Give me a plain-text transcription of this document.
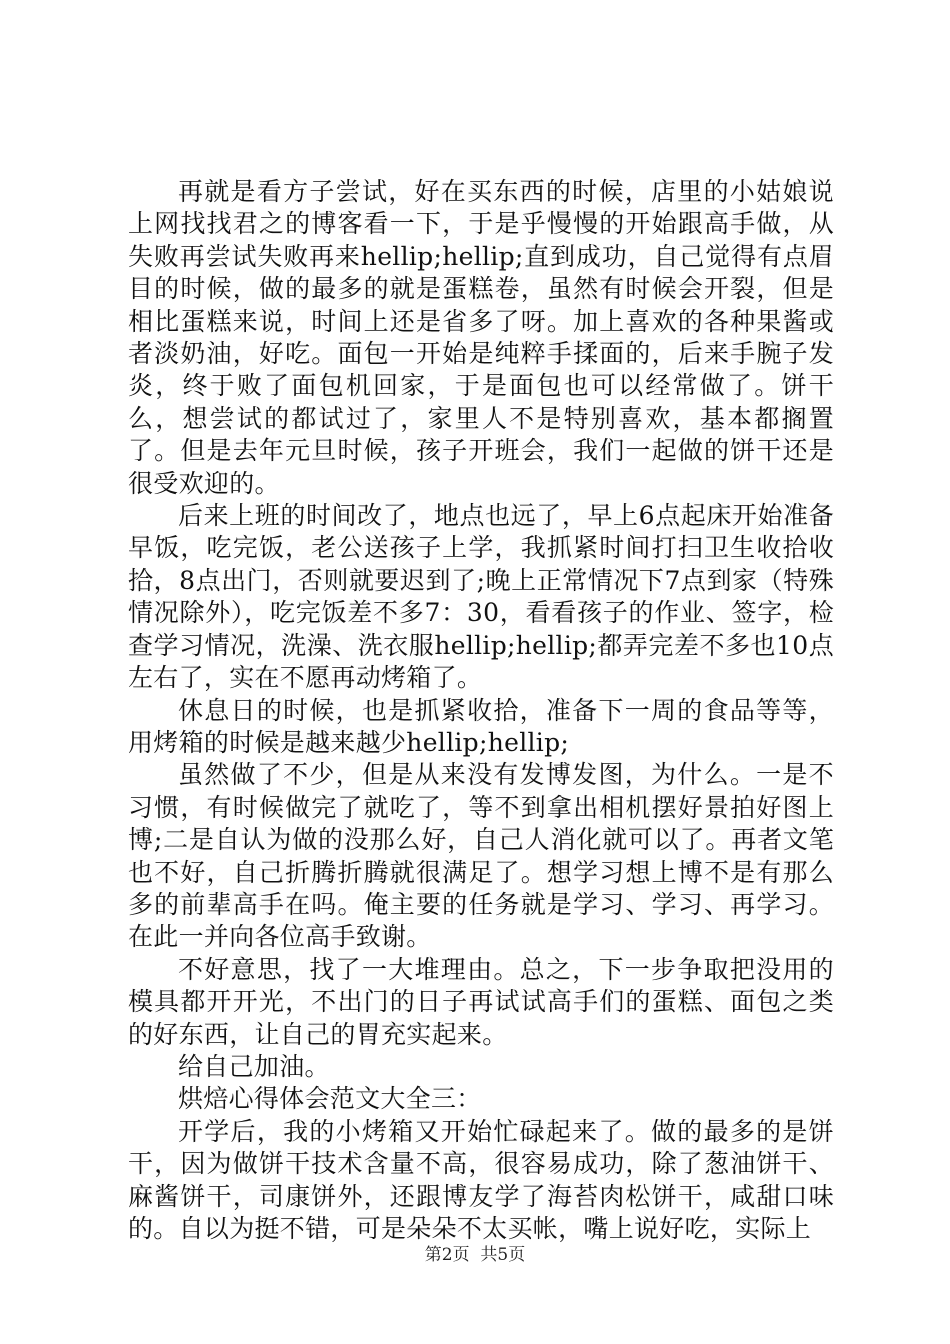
再就是看方子尝试，好在买东西的时候，店里的小姑娘说上网找找君之的博客看一下，于是乎慢慢的开始跟高手做，从失败再尝试失败再来hellip;hellip;直到成功，自己觉得有点眉目的时候，做的最多的就是蛋糕卷，虽然有时候会开裂，但是相比蛋糕来说，时间上还是省多了呀。加上喜欢的各种果酱或者淡奶油，好吃。面包一开始是纯粹手揉面的，后来手腕子发炎，终于败了面包机回家，于是面包也可以经常做了。饼干么，想尝试的都试过了，家里人不是特别喜欢，基本都搁置了。但是去年元旦时候，孩子开班会，我们一起做的饼干还是很受欢迎的。

后来上班的时间改了，地点也远了，早上6点起床开始准备早饭，吃完饭，老公送孩子上学，我抓紧时间打扫卫生收拾收拾，8点出门，否则就要迟到了;晚上正常情况下7点到家（特殊情况除外），吃完饭差不多7：30，看看孩子的作业、签字，检查学习情况，洗澡、洗衣服hellip;hellip;都弄完差不多也10点左右了，实在不愿再动烤箱了。

休息日的时候，也是抓紧收拾，准备下一周的食品等等，用烤箱的时候是越来越少hellip;hellip;

虽然做了不少，但是从来没有发博发图，为什么。一是不习惯，有时候做完了就吃了，等不到拿出相机摆好景拍好图上博;二是自认为做的没那么好，自己人消化就可以了。再者文笔也不好，自己折腾折腾就很满足了。想学习想上博不是有那么多的前辈高手在吗。俺主要的任务就是学习、学习、再学习。在此一并向各位高手致谢。

不好意思，找了一大堆理由。总之，下一步争取把没用的模具都开开光，不出门的日子再试试高手们的蛋糕、面包之类的好东西，让自己的胃充实起来。

给自己加油。

烘焙心得体会范文大全三：

开学后，我的小烤箱又开始忙碌起来了。做的最多的是饼干，因为做饼干技术含量不高，很容易成功，除了葱油饼干、麻酱饼干，司康饼外，还跟博友学了海苔肉松饼干，咸甜口味的。自以为挺不错，可是朵朵不太买帐，嘴上说好吃，实际上

第2页 共5页
